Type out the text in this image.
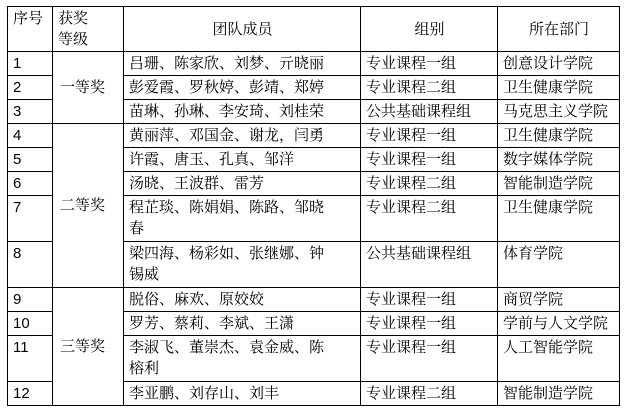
序号	获奖等级	团队成员	组别	所在部门
1	一等奖	吕珊、陈家欣、刘梦、亓晓丽	专业课程一组	创意设计学院
2		彭爱霞、罗秋婷、彭靖、郑婷	专业课程二组	卫生健康学院
3		苗琳、孙琳、李安琦、刘桂荣	公共基础课程组	马克思主义学院
4	二等奖	黄丽萍、邓国金、谢龙，闫勇	专业课程一组	卫生健康学院
5		许霞、唐玉、孔真、邹洋	专业课程一组	数字媒体学院
6		汤晓、王波群、雷芳	专业课程二组	智能制造学院
7		程芷琰、陈娟娟、陈路、邹晓春	专业课程二组	卫生健康学院
8		梁四海、杨彩如、张继娜、钟锡威	公共基础课程组	体育学院
9	三等奖	脱俗、麻欢、原姣姣	专业课程一组	商贸学院
10		罗芳、蔡莉、李斌、王潇	专业课程一组	学前与人文学院
11		李淑飞、董崇杰、袁金威、陈榕利	专业课程一组	人工智能学院
12		李亚鹏、刘存山、刘丰	专业课程二组	智能制造学院
